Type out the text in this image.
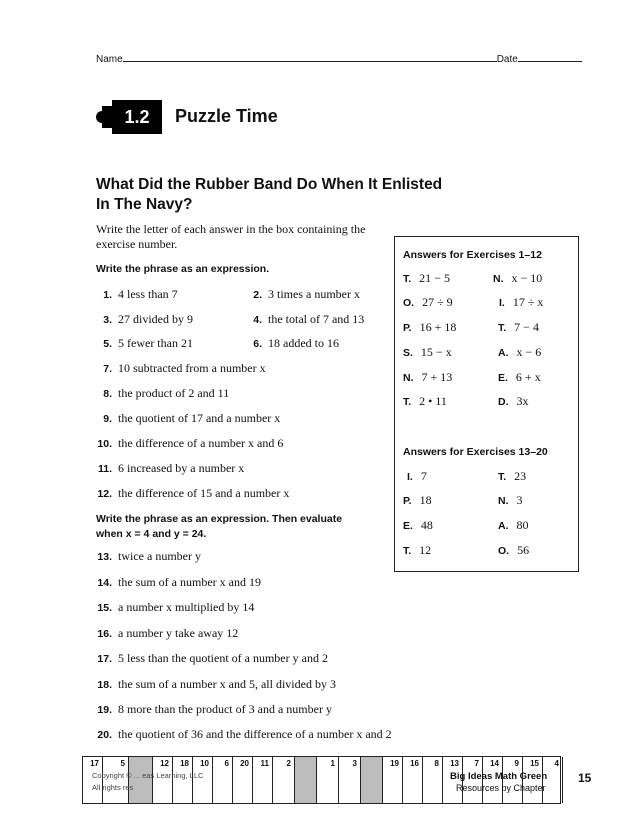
Name	Date
1.2	Puzzle Time
What Did the Rubber Band Do When It Enlisted
In The Navy?
Write the letter of each answer in the box containing the
exercise number.
Write the phrase as an expression.
1. 4 less than 7	2. 3 times a number x
3. 27 divided by 9	4. the total of 7 and 13
5. 5 fewer than 21	6. 18 added to 16
7. 10 subtracted from a number x
8. the product of 2 and 11
9. the quotient of 17 and a number x
10. the difference of a number x and 6
11. 6 increased by a number x
12. the difference of 15 and a number x
Write the phrase as an expression. Then evaluate
when x = 4 and y = 24.
13. twice a number y
14. the sum of a number x and 19
15. a number x multiplied by 14
16. a number y take away 12
17. 5 less than the quotient of a number y and 2
18. the sum of a number x and 5, all divided by 3
19. 8 more than the product of 3 and a number y
20. the quotient of 36 and the difference of a number x and 2
Answers for Exercises 1–12
T. 21 − 5	N. x − 10
O. 27 ÷ 9	I. 17 ÷ x
P. 16 + 18	T. 7 − 4
S. 15 − x	A. x − 6
N. 7 + 13	E. 6 + x
T. 2 • 11	D. 3x
Answers for Exercises 13–20
I. 7	T. 23
P. 18	N. 3
E. 48	A. 80
T. 12	O. 56
17	5	12 18 10 6 20 11 2	1 3	19 16 8 13 7 14 9 15 4
Copyright © ... eas Learning, LLC
All rights res
Big Ideas Math Green
Resources by Chapter
15
